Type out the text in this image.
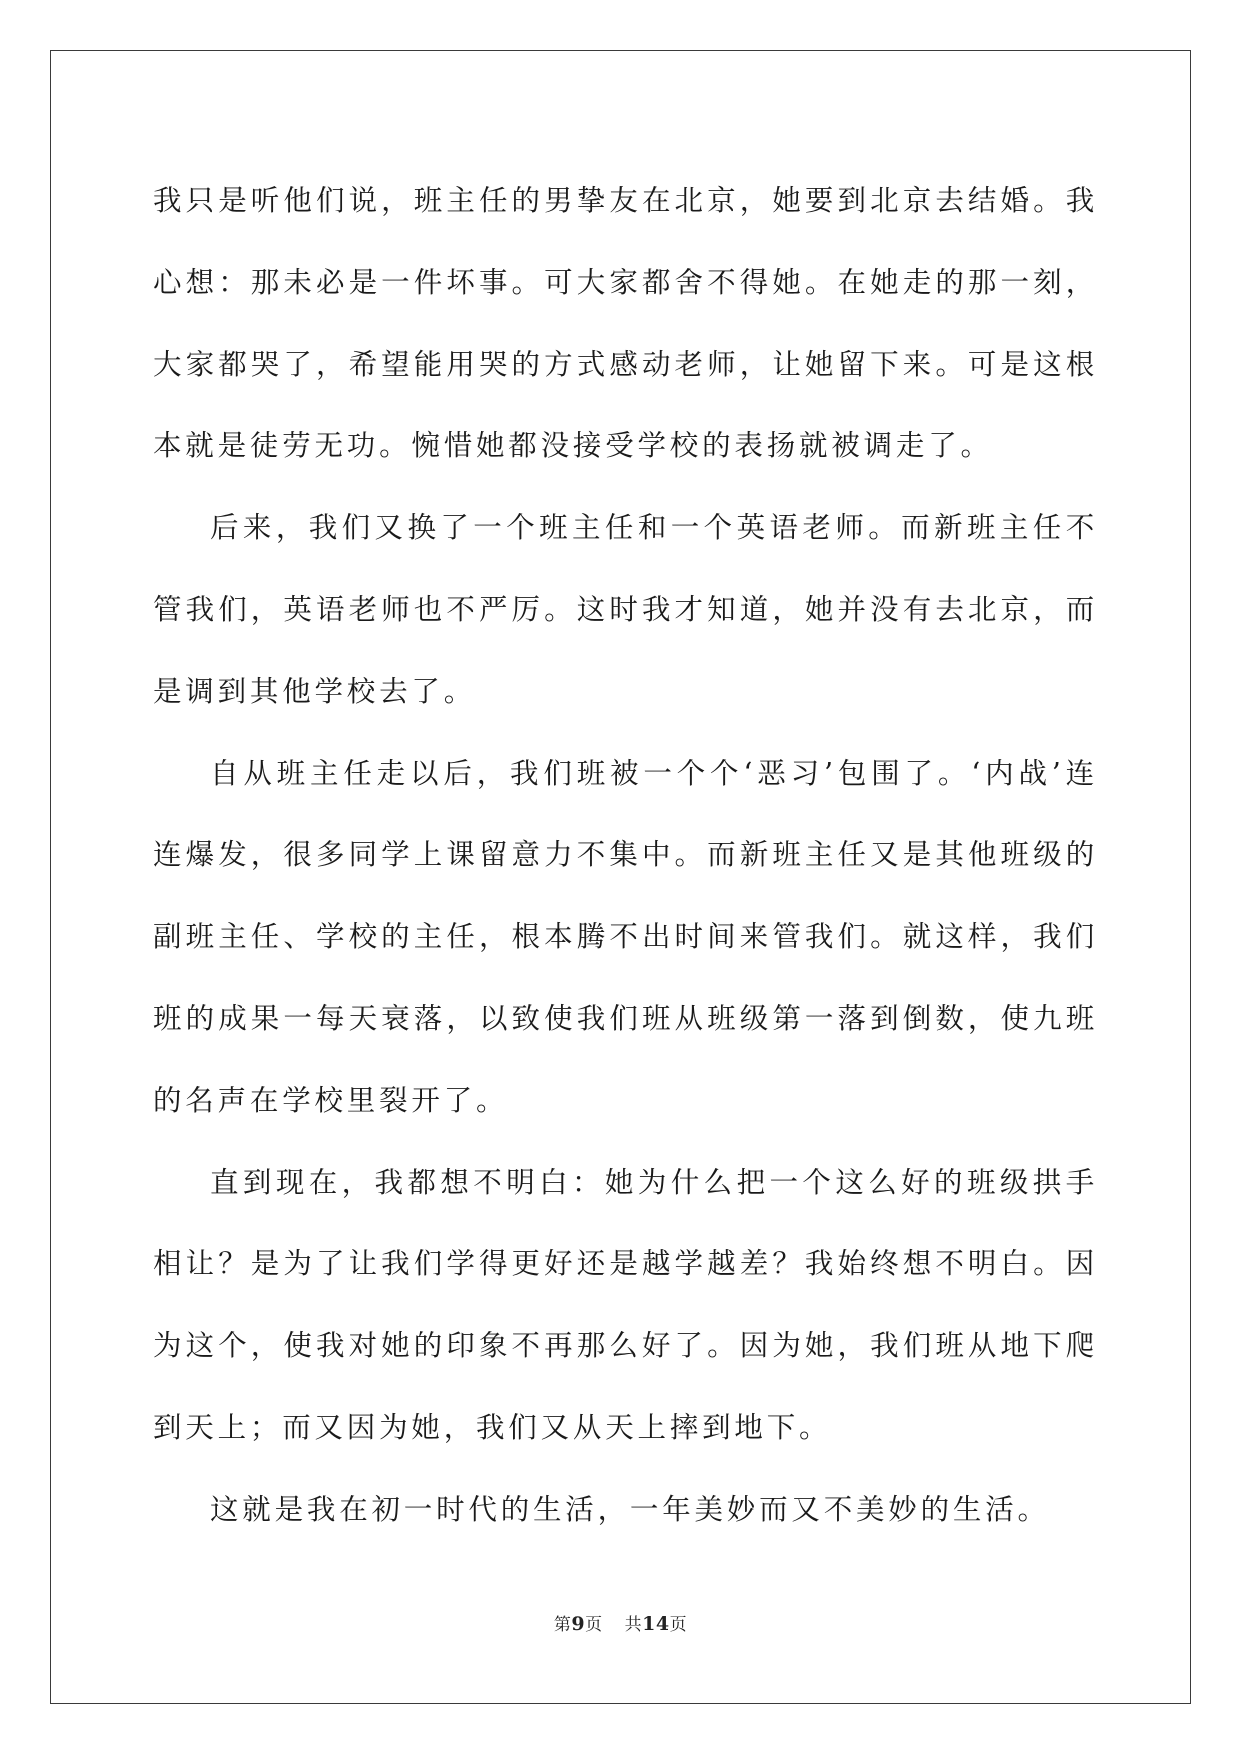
我只是听他们说，班主任的男挚友在北京，她要到北京去结婚。我心想：那未必是一件坏事。可大家都舍不得她。在她走的那一刻，大家都哭了，希望能用哭的方式感动老师，让她留下来。可是这根本就是徒劳无功。惋惜她都没接受学校的表扬就被调走了。

后来，我们又换了一个班主任和一个英语老师。而新班主任不管我们，英语老师也不严厉。这时我才知道，她并没有去北京，而是调到其他学校去了。

自从班主任走以后，我们班被一个个‘恶习’包围了。‘内战’连连爆发，很多同学上课留意力不集中。而新班主任又是其他班级的副班主任、学校的主任，根本腾不出时间来管我们。就这样，我们班的成果一每天衰落，以致使我们班从班级第一落到倒数，使九班的名声在学校里裂开了。

直到现在，我都想不明白：她为什么把一个这么好的班级拱手相让？是为了让我们学得更好还是越学越差？我始终想不明白。因为这个，使我对她的印象不再那么好了。因为她，我们班从地下爬到天上；而又因为她，我们又从天上摔到地下。

这就是我在初一时代的生活，一年美妙而又不美妙的生活。

第9页 共14页
